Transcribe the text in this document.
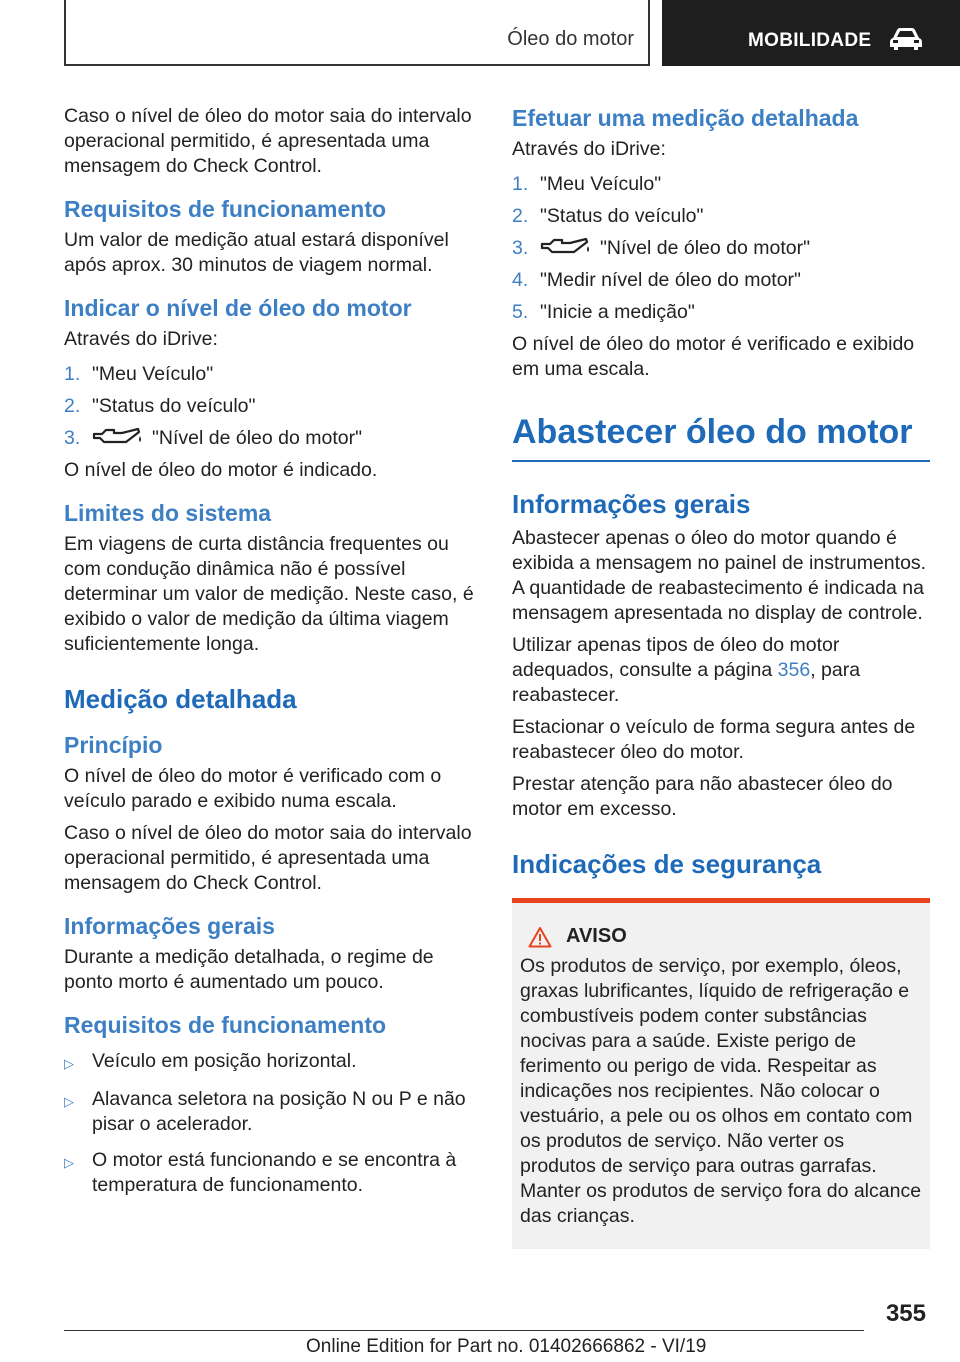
Óleo do motor	MOBILIDADE

Caso o nível de óleo do motor saia do intervalo operacional permitido, é apresentada uma mensagem do Check Control.

Requisitos de funcionamento

Um valor de medição atual estará disponível após aprox. 30 minutos de viagem normal.

Indicar o nível de óleo do motor

Através do iDrive:

1. "Meu Veículo"
2. "Status do veículo"
3.	"Nível de óleo do motor"

O nível de óleo do motor é indicado.

Limites do sistema

Em viagens de curta distância frequentes ou com condução dinâmica não é possível determinar um valor de medição. Neste caso, é exibido o valor de medição da última viagem suficientemente longa.

Medição detalhada
Princípio

O nível de óleo do motor é verificado com o veículo parado e exibido numa escala.

Caso o nível de óleo do motor saia do intervalo operacional permitido, é apresentada uma mensagem do Check Control.

Informações gerais

Durante a medição detalhada, o regime de ponto morto é aumentado um pouco.

Requisitos de funcionamento
▷ Veículo em posição horizontal.
▷ Alavanca seletora na posição N ou P e não pisar o acelerador.
▷ O motor está funcionando e se encontra à temperatura de funcionamento.
Efetuar uma medição detalhada

Através do iDrive:

1. "Meu Veículo"
2. "Status do veículo"
3.	"Nível de óleo do motor"
4. "Medir nível de óleo do motor"
5. "Inicie a medição"

O nível de óleo do motor é verificado e exibido em uma escala.

Abastecer óleo do motor
Informações gerais

Abastecer apenas o óleo do motor quando é exibida a mensagem no painel de instrumentos. A quantidade de reabastecimento é indicada na mensagem apresentada no display de controle.

Utilizar apenas tipos de óleo do motor adequados, consulte a página 356, para reabastecer.

Estacionar o veículo de forma segura antes de reabastecer óleo do motor.

Prestar atenção para não abastecer óleo do motor em excesso.

Indicações de segurança
AVISO

Os produtos de serviço, por exemplo, óleos, graxas lubrificantes, líquido de refrigeração e combustíveis podem conter substâncias nocivas para a saúde. Existe perigo de ferimento ou perigo de vida. Respeitar as indicações nos recipientes. Não colocar o vestuário, a pele ou os olhos em contato com os produtos de serviço. Não verter os produtos de serviço para outras garrafas. Manter os produtos de serviço fora do alcance das crianças.

355
Online Edition for Part no. 01402666862 - VI/19
